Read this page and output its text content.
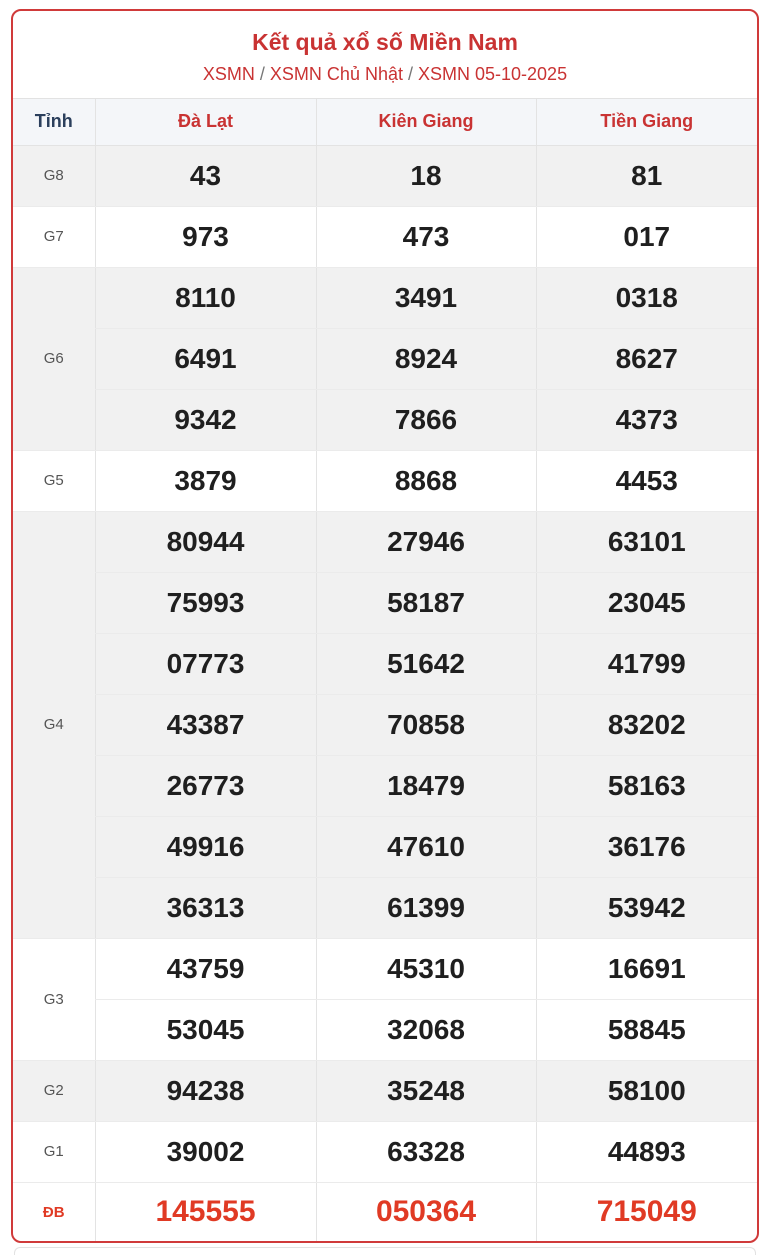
Kết quả xổ số Miền Nam
XSMN / XSMN Chủ Nhật / XSMN 05-10-2025
Tỉnh	Đà Lạt	Kiên Giang	Tiền Giang
G8	43	18	81
G7	973	473	017
G6	8110	3491	0318
	6491	8924	8627
	9342	7866	4373
G5	3879	8868	4453
G4	80944	27946	63101
	75993	58187	23045
	07773	51642	41799
	43387	70858	83202
	26773	18479	58163
	49916	47610	36176
	36313	61399	53942
G3	43759	45310	16691
	53045	32068	58845
G2	94238	35248	58100
G1	39002	63328	44893
ĐB	145555	050364	715049
